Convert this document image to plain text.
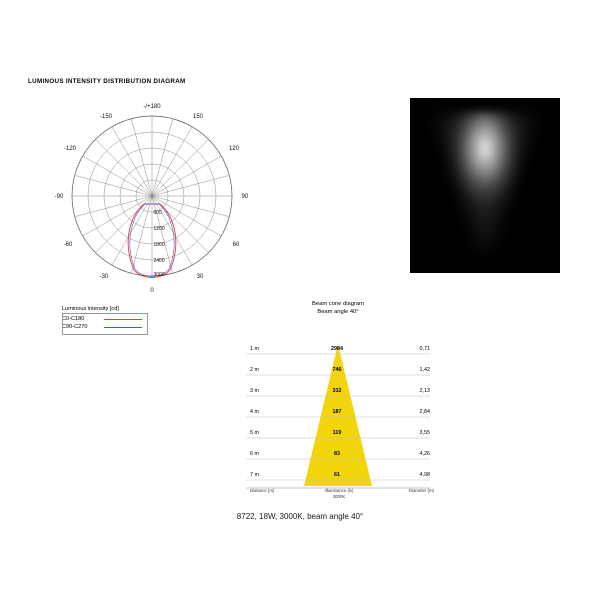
LUMINOUS INTENSITY DISTRIBUTION DIAGRAM
600
1200
1800
2400
3000
-/+180
-150	150
-120	120
-90	90
-60	60
-30	30
0
Luminous intensity [cd]
C0-C180
C90-C270
Beam cone diagram
Beam angle 40°
1 m	2984	0,71
2 m	746	1,42
3 m	332	2,13
4 m	187	2,84
5 m	119	3,55
6 m	83	4,26
7 m	61	4,98
Distance (m)	Illuminance (lx)
3000K
Diameter (m)
8722, 18W, 3000K, beam angle 40°
